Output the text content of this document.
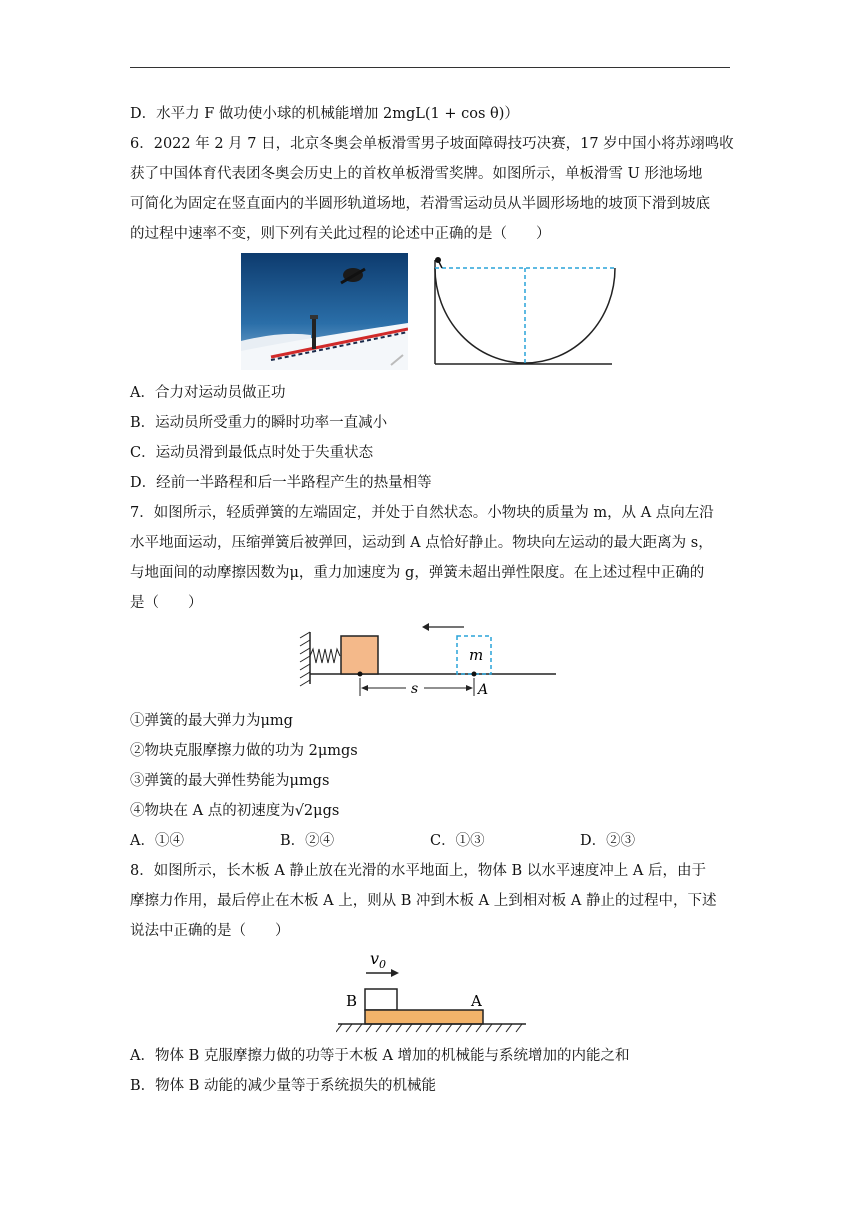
D．水平力 F 做功使小球的机械能增加 2mgL(1 + cos θ)）
6．2022 年 2 月 7 日，北京冬奥会单板滑雪男子坡面障碍技巧决赛，17 岁中国小将苏翊鸣收
获了中国体育代表团冬奥会历史上的首枚单板滑雪奖牌。如图所示，单板滑雪 U 形池场地
可简化为固定在竖直面内的半圆形轨道场地，若滑雪运动员从半圆形场地的坡顶下滑到坡底
的过程中速率不变，则下列有关此过程的论述中正确的是（　　）
A．合力对运动员做正功
B．运动员所受重力的瞬时功率一直减小
C．运动员滑到最低点时处于失重状态
D．经前一半路程和后一半路程产生的热量相等
7．如图所示，轻质弹簧的左端固定，并处于自然状态。小物块的质量为 m，从 A 点向左沿
水平地面运动，压缩弹簧后被弹回，运动到 A 点恰好静止。物块向左运动的最大距离为 s，
与地面间的动摩擦因数为μ，重力加速度为 g，弹簧未超出弹性限度。在上述过程中正确的
是（　　）
m
s	A
①弹簧的最大弹力为μmg
②物块克服摩擦力做的功为 2μmgs
③弹簧的最大弹性势能为μmgs
④物块在 A 点的初速度为√2μgs
A．①④	B．②④	C．①③	D．②③
8．如图所示，长木板 A 静止放在光滑的水平地面上，物体 B 以水平速度冲上 A 后，由于
摩擦力作用，最后停止在木板 A 上，则从 B 冲到木板 A 上到相对板 A 静止的过程中，下述
说法中正确的是（　　）
$v_0$
B	A
A．物体 B 克服摩擦力做的功等于木板 A 增加的机械能与系统增加的内能之和
B．物体 B 动能的减少量等于系统损失的机械能
